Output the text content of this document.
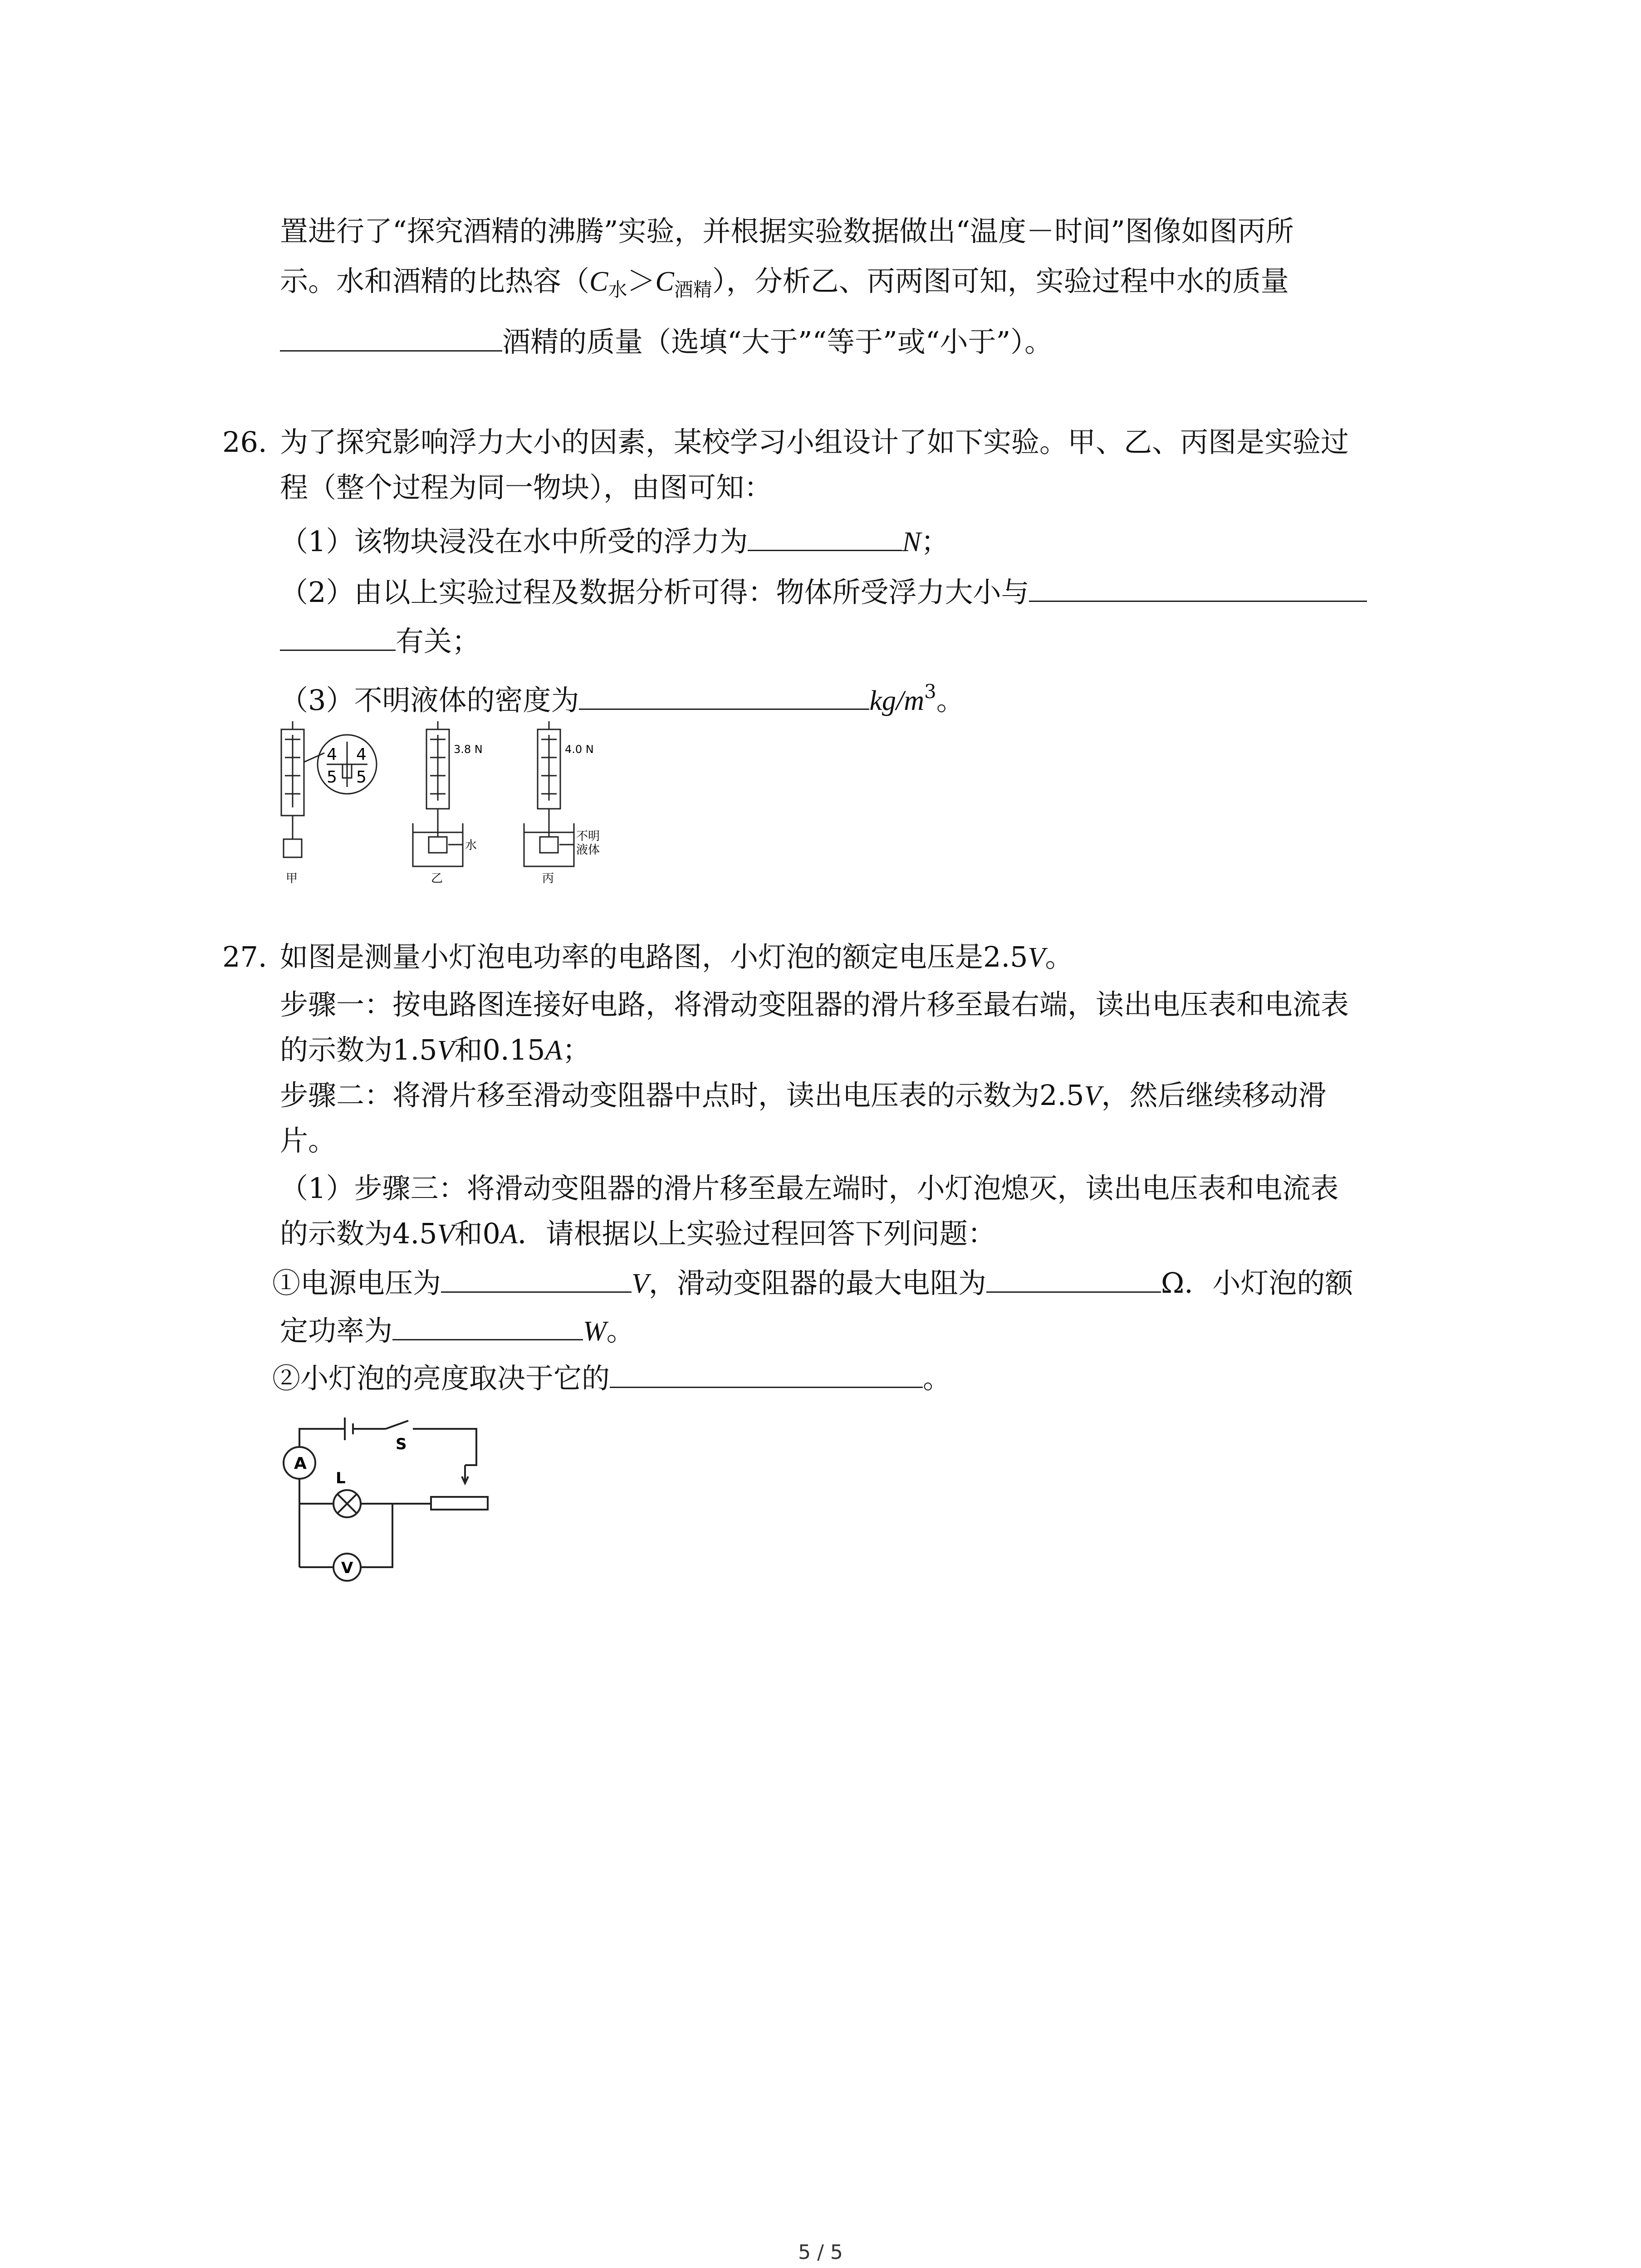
置进行了“探究酒精的沸腾”实验，并根据实验数据做出“温度－时间”图像如图丙所
示。水和酒精的比热容$(C_水>C_{酒精})$，分析乙、丙两图可知，实验过程中水的质量
酒精的质量（选填“大于”“等于”或“小于”）。
26. 为了探究影响浮力大小的因素，某校学习小组设计了如下实验。甲、乙、丙图是实验过
程（整个过程为同一物块），由图可知：
（1）该物块浸没在水中所受的浮力为	N；
（2）由以上实验过程及数据分析可得：物体所受浮力大小与
有关；
（3）不明液体的密度为	$kg/m^3$。
4 4
5 5
甲
3.8 N
水
乙
4.0 N
不明
液体
丙
27. 如图是测量小灯泡电功率的电路图，小灯泡的额定电压是2.5V。
步骤一：按电路图连接好电路，将滑动变阻器的滑片移至最右端，读出电压表和电流表
的示数为1.5V和0.15A；
步骤二：将滑片移至滑动变阻器中点时，读出电压表的示数为2.5V，然后继续移动滑
片。
（1）步骤三：将滑动变阻器的滑片移至最左端时，小灯泡熄灭，读出电压表和电流表
的示数为4.5V和0A．请根据以上实验过程回答下列问题：
①电源电压为	V，滑动变阻器的最大电阻为	Ω．小灯泡的额
定功率为	W。
②小灯泡的亮度取决于它的	。
A
S
L
V
5 / 5
